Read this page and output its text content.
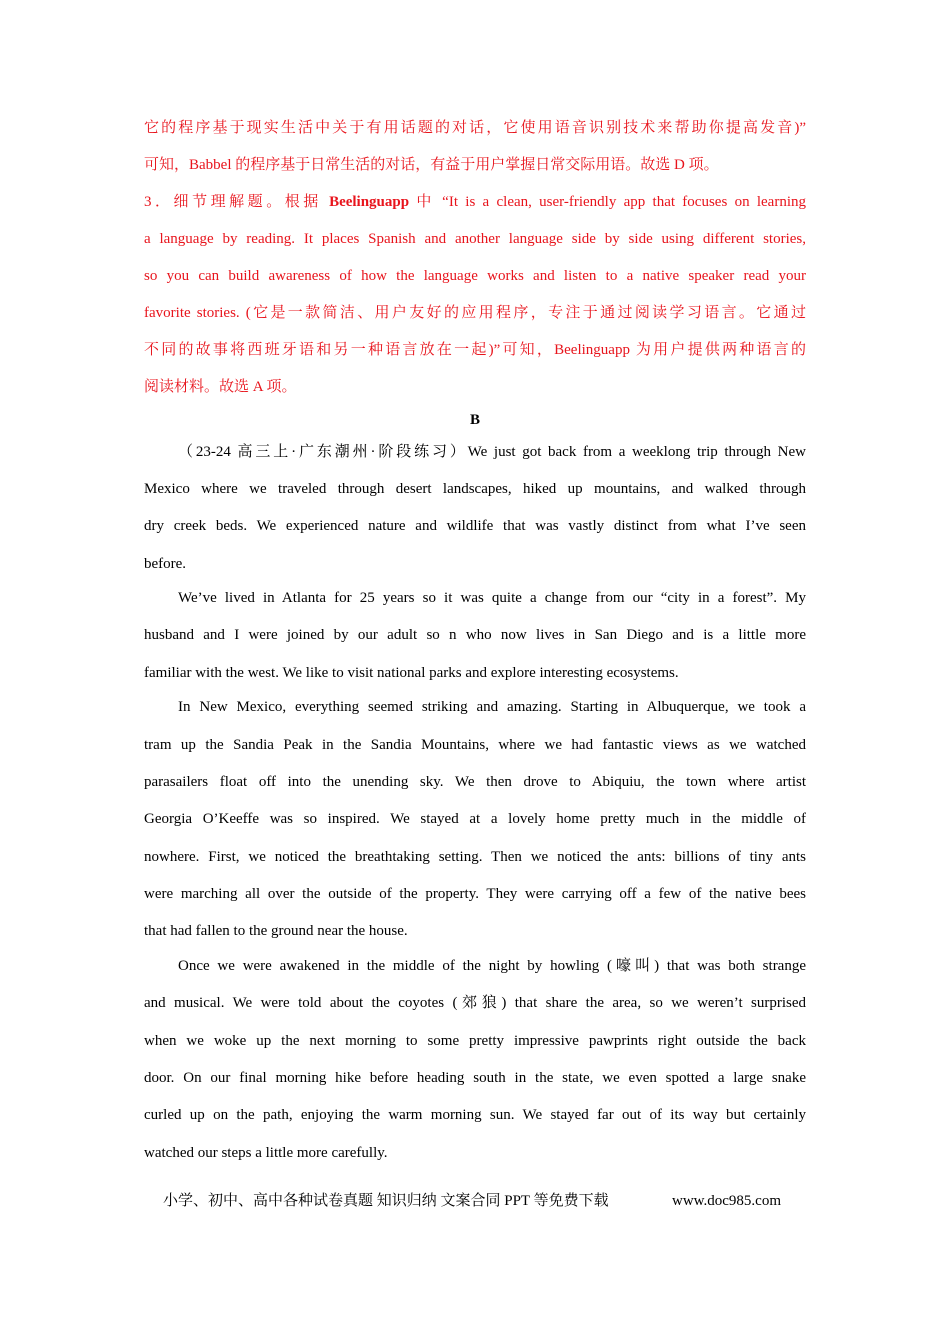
它的程序基于现实生活中关于有用话题的对话，它使用语音识别技术来帮助你提高发音)”
可知，Babbel 的程序基于日常生活的对话，有益于用户掌握日常交际用语。故选 D 项。
3．细节理解题。根据 Beelinguapp 中 “It is a clean, user-friendly app that focuses on learning
a language by reading. It places Spanish and another language side by side using different stories,
so you can build awareness of how the language works and listen to a native speaker read your
favorite stories. (它是一款简洁、用户友好的应用程序，专注于通过阅读学习语言。它通过
不同的故事将西班牙语和另一种语言放在一起)”可知，Beelinguapp 为用户提供两种语言的
阅读材料。故选 A 项。
B
（23-24 高三上·广东潮州·阶段练习）We just got back from a weeklong trip through New
Mexico where we traveled through desert landscapes, hiked up mountains, and walked through
dry creek beds. We experienced nature and wildlife that was vastly distinct from what I’ve seen
before.
We’ve lived in Atlanta for 25 years so it was quite a change from our “city in a forest”. My
husband and I were joined by our adult so n who now lives in San Diego and is a little more
familiar with the west. We like to visit national parks and explore interesting ecosystems.
In New Mexico, everything seemed striking and amazing. Starting in Albuquerque, we took a
tram up the Sandia Peak in the Sandia Mountains, where we had fantastic views as we watched
parasailers float off into the unending sky. We then drove to Abiquiu, the town where artist
Georgia O’Keeffe was so inspired. We stayed at a lovely home pretty much in the middle of
nowhere. First, we noticed the breathtaking setting. Then we noticed the ants: billions of tiny ants
were marching all over the outside of the property. They were carrying off a few of the native bees
that had fallen to the ground near the house.
Once we were awakened in the middle of the night by howling (嚎叫) that was both strange
and musical. We were told about the coyotes (郊狼) that share the area, so we weren’t surprised
when we woke up the next morning to some pretty impressive pawprints right outside the back
door. On our final morning hike before heading south in the state, we even spotted a large snake
curled up on the path, enjoying the warm morning sun. We stayed far out of its way but certainly
watched our steps a little more carefully.
小学、初中、高中各种试卷真题 知识归纳 文案合同 PPT 等免费下载	www.doc985.com
